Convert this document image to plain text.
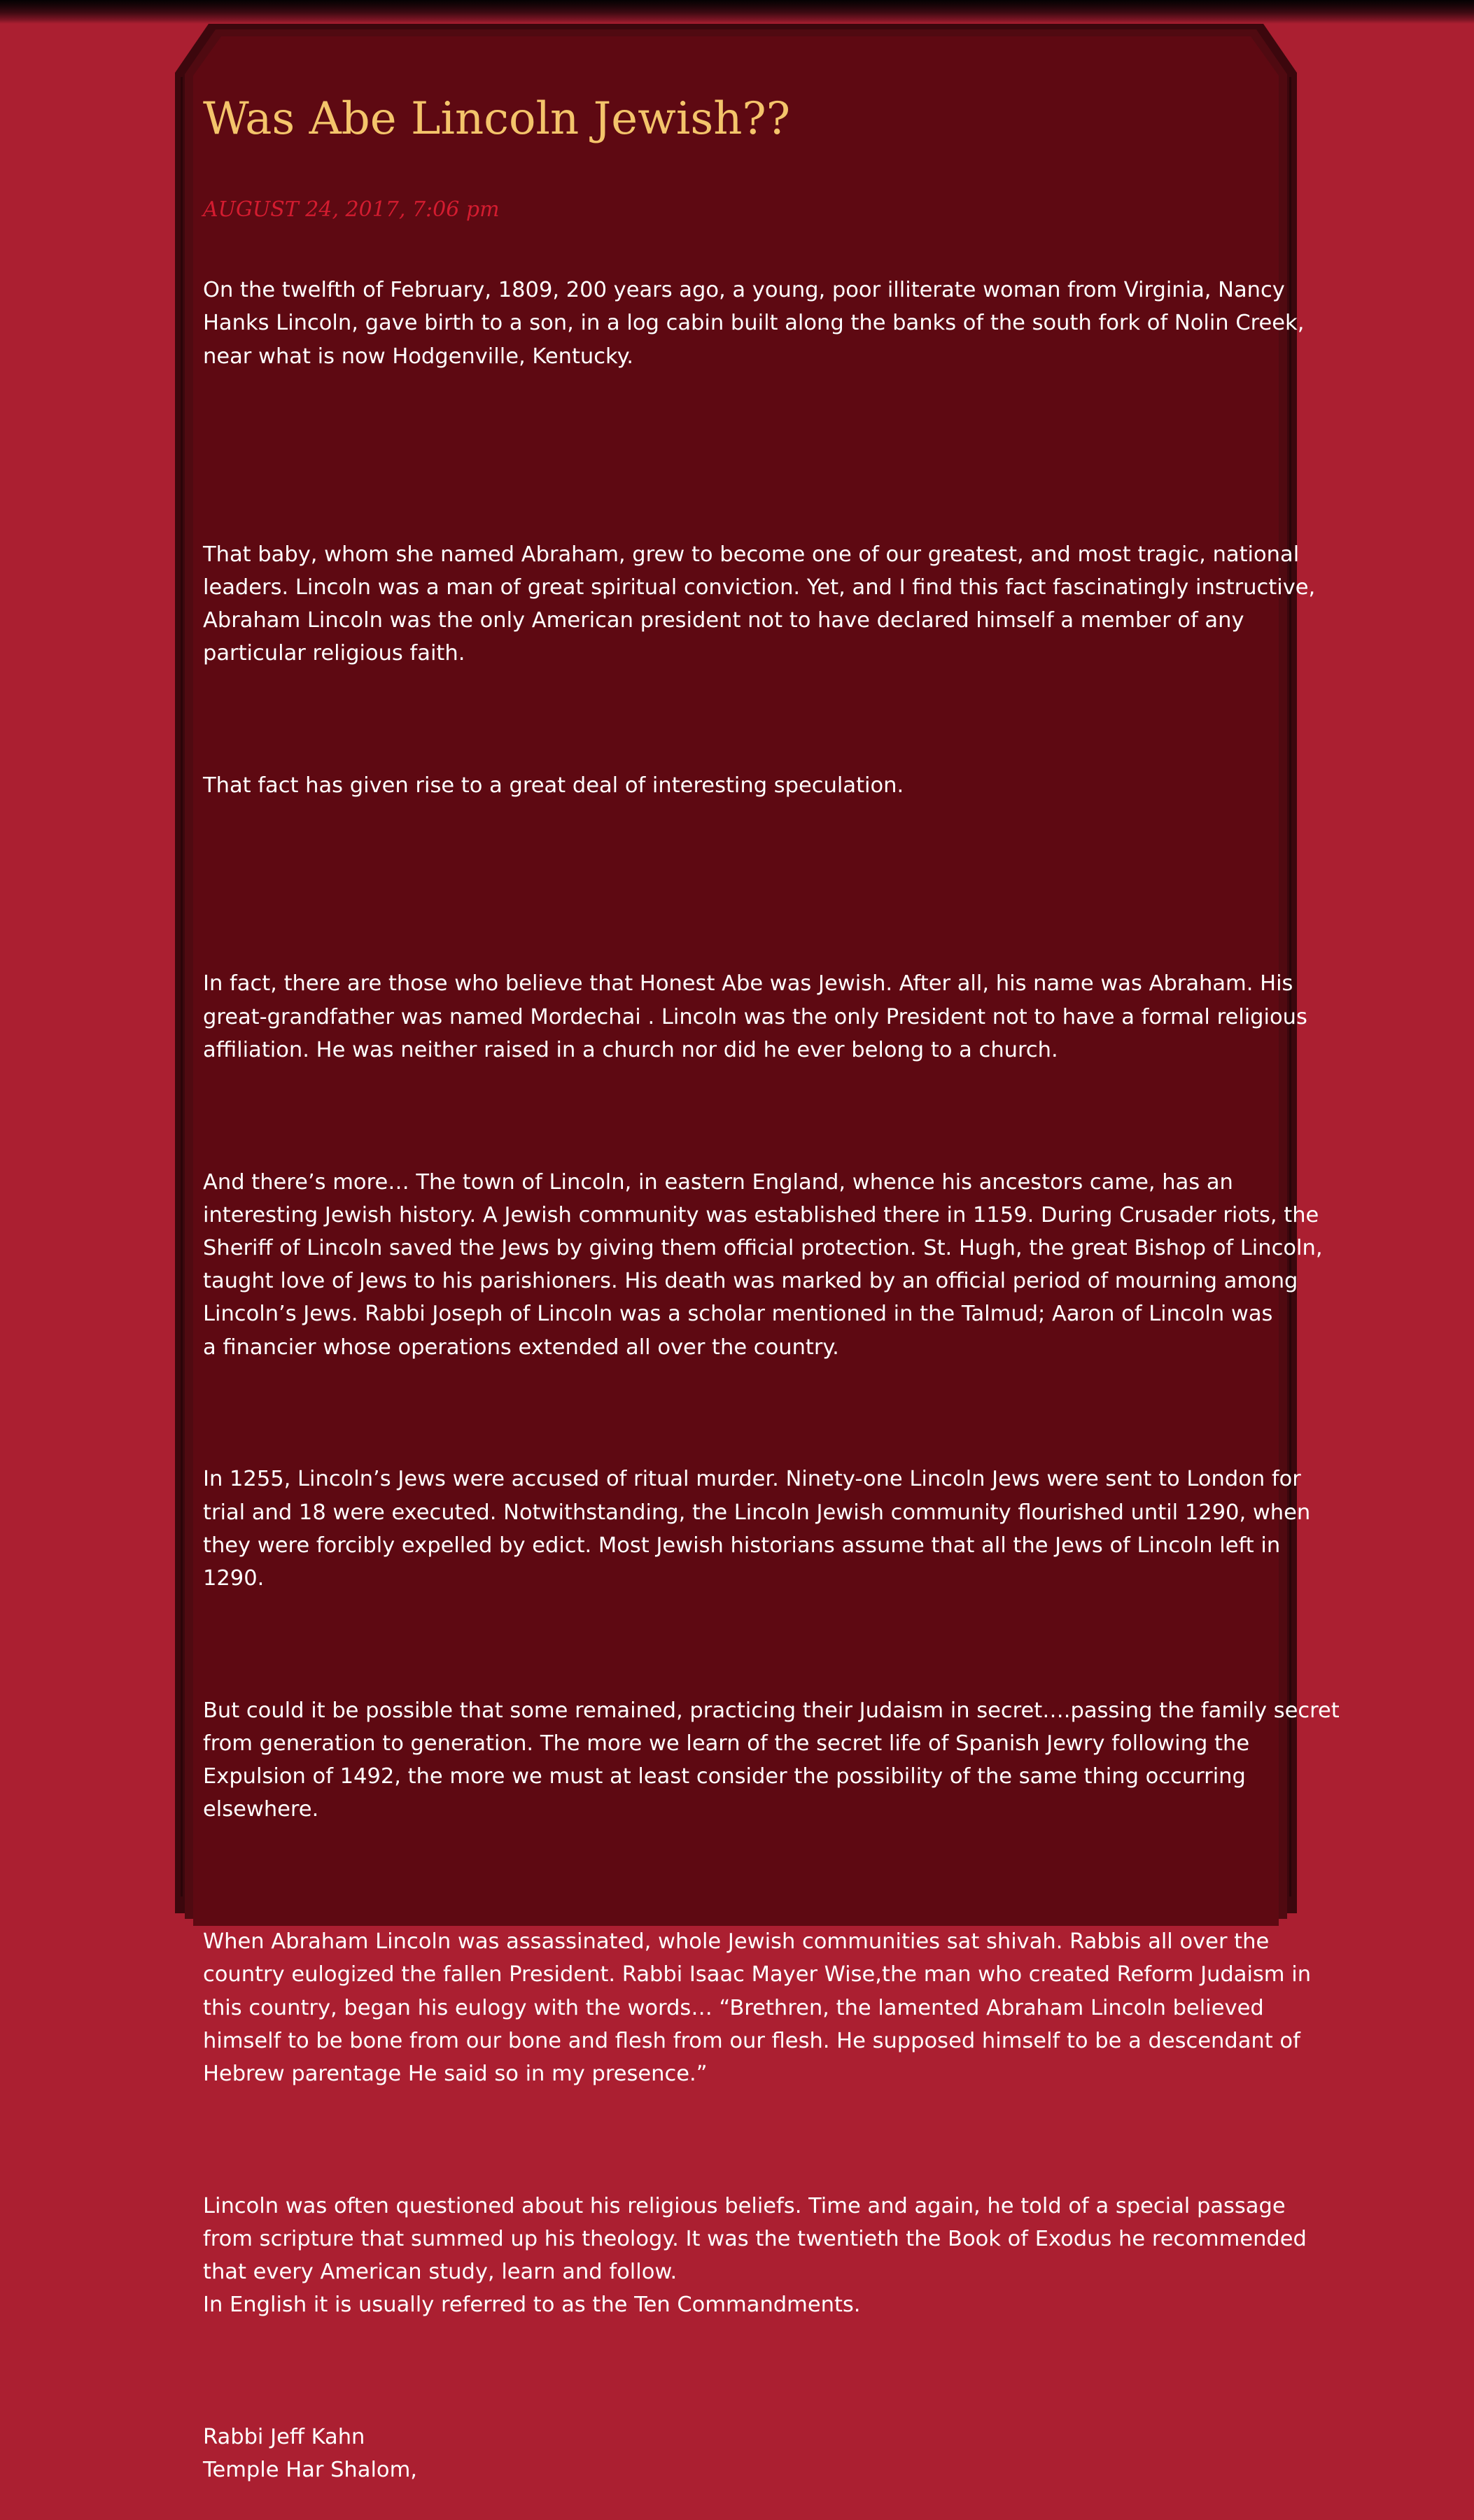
Was Abe Lincoln Jewish??
AUGUST 24, 2017, 7:06 pm

On the twelfth of February, 1809, 200 years ago, a young, poor illiterate woman from Virginia, Nancy
Hanks Lincoln, gave birth to a son, in a log cabin built along the banks of the south fork of Nolin Creek,
near what is now Hodgenville, Kentucky.

That baby, whom she named Abraham, grew to become one of our greatest, and most tragic, national
leaders. Lincoln was a man of great spiritual conviction. Yet, and I find this fact fascinatingly instructive,
Abraham Lincoln was the only American president not to have declared himself a member of any
particular religious faith.

That fact has given rise to a great deal of interesting speculation.

In fact, there are those who believe that Honest Abe was Jewish. After all, his name was Abraham. His
great-grandfather was named Mordechai . Lincoln was the only President not to have a formal religious
affiliation. He was neither raised in a church nor did he ever belong to a church.

And there’s more… The town of Lincoln, in eastern England, whence his ancestors came, has an
interesting Jewish history. A Jewish community was established there in 1159. During Crusader riots, the
Sheriff of Lincoln saved the Jews by giving them official protection. St. Hugh, the great Bishop of Lincoln,
taught love of Jews to his parishioners. His death was marked by an official period of mourning among
Lincoln’s Jews. Rabbi Joseph of Lincoln was a scholar mentioned in the Talmud; Aaron of Lincoln was
a financier whose operations extended all over the country.

In 1255, Lincoln’s Jews were accused of ritual murder. Ninety-one Lincoln Jews were sent to London for
trial and 18 were executed. Notwithstanding, the Lincoln Jewish community flourished until 1290, when
they were forcibly expelled by edict. Most Jewish historians assume that all the Jews of Lincoln left in
1290.

But could it be possible that some remained, practicing their Judaism in secret….passing the family secret
from generation to generation. The more we learn of the secret life of Spanish Jewry following the
Expulsion of 1492, the more we must at least consider the possibility of the same thing occurring
elsewhere.

When Abraham Lincoln was assassinated, whole Jewish communities sat shivah. Rabbis all over the
country eulogized the fallen President. Rabbi Isaac Mayer Wise,the man who created Reform Judaism in
this country, began his eulogy with the words… “Brethren, the lamented Abraham Lincoln believed
himself to be bone from our bone and flesh from our flesh. He supposed himself to be a descendant of
Hebrew parentage He said so in my presence.”

Lincoln was often questioned about his religious beliefs. Time and again, he told of a special passage
from scripture that summed up his theology. It was the twentieth the Book of Exodus he recommended
that every American study, learn and follow.
In English it is usually referred to as the Ten Commandments.

Rabbi Jeff Kahn
Temple Har Shalom,
